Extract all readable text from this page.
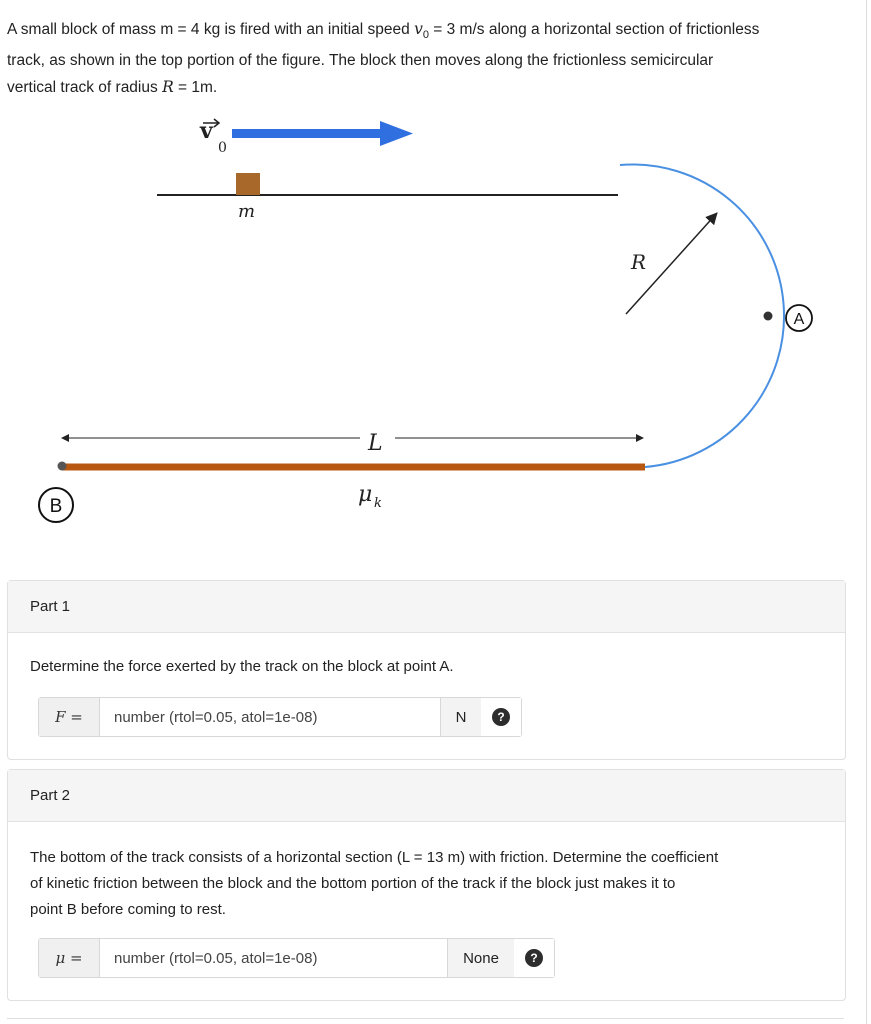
A small block of mass m = 4 kg is fired with an initial speed $v_0 = 3$ m/s along a horizontal section of frictionless
track, as shown in the top portion of the figure. The block then moves along the frictionless semicircular
vertical track of radius R = 1m.
v
0
m
R
A
L
μ k
B
Part 1
Determine the force exerted by the track on the block at point A.
F =
number (rtol=0.05, atol=1e-08)	N	?
Part 2
The bottom of the track consists of a horizontal section (L = 13 m) with friction. Determine the coefficient
of kinetic friction between the block and the bottom portion of the track if the block just makes it to
point B before coming to rest.
μ =
number (rtol=0.05, atol=1e-08)	None	?
